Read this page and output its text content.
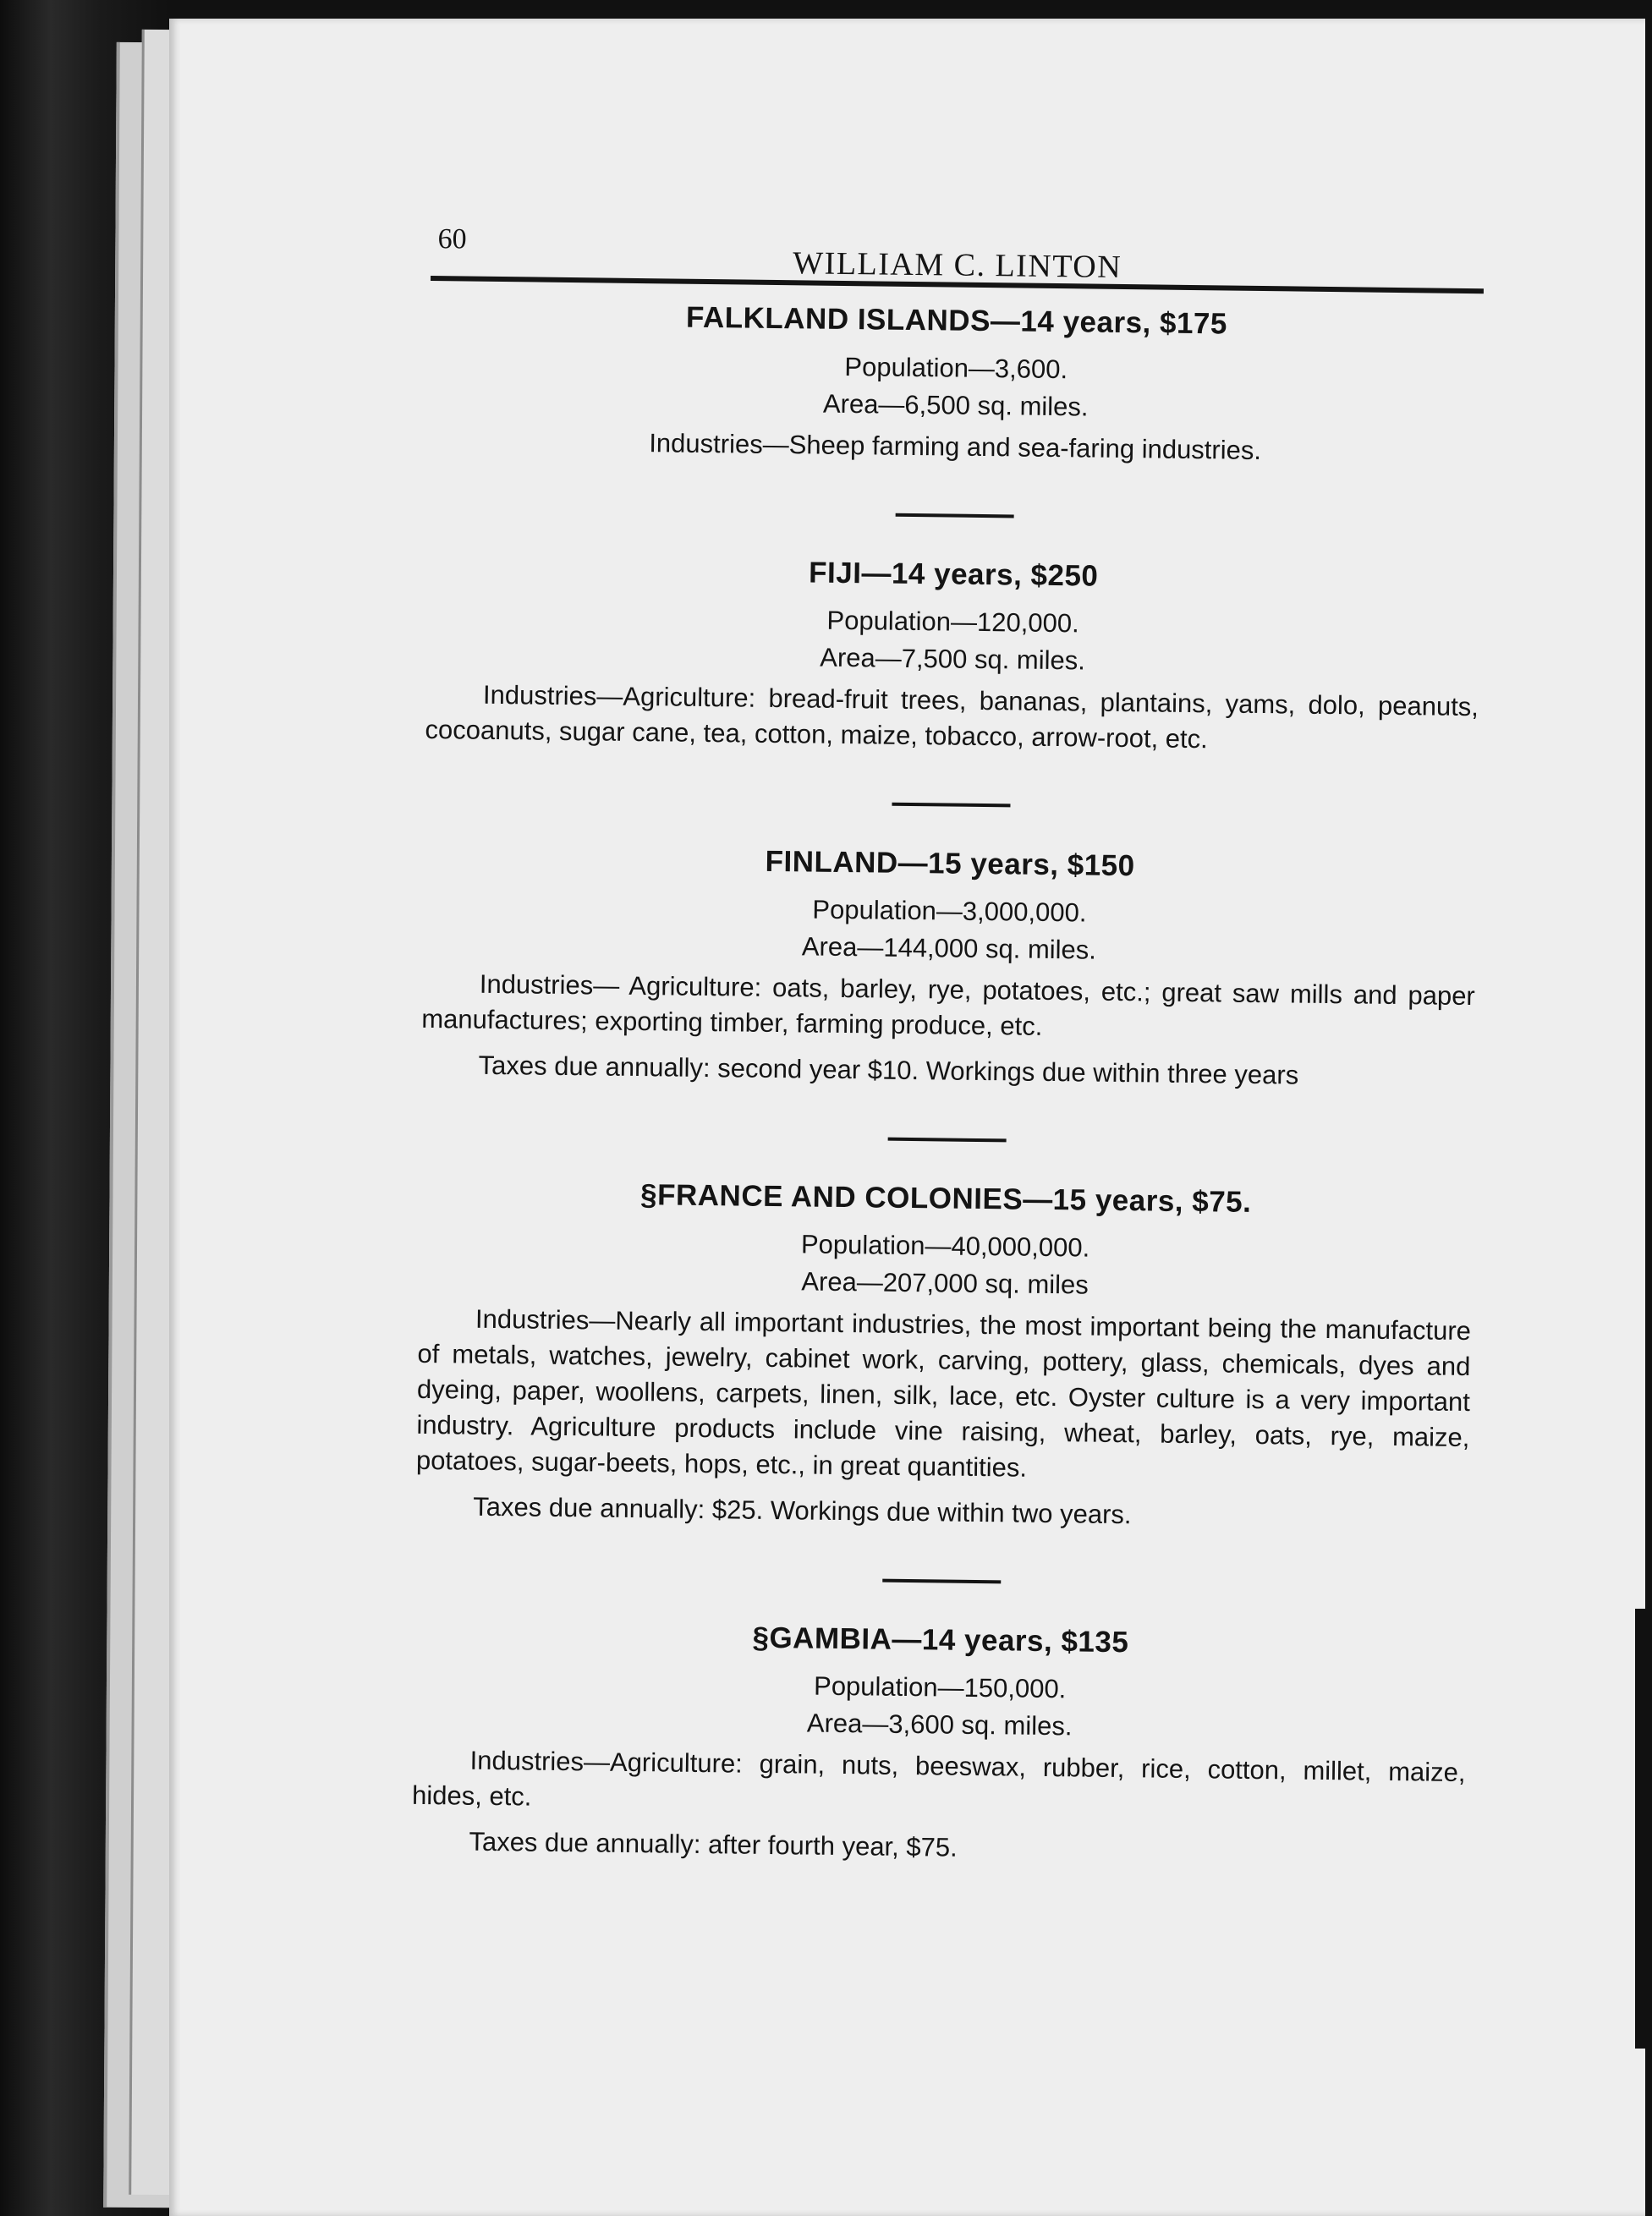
60
WILLIAM C. LINTON
FALKLAND ISLANDS—14 years, $175
Population—3,600.
Area—6,500 sq. miles.

Industries—Sheep farming and sea-faring industries.

FIJI—14 years, $250
Population—120,000.
Area—7,500 sq. miles.

Industries—Agriculture: bread-fruit trees, bananas, plantains, yams, dolo, peanuts, cocoanuts, sugar cane, tea, cotton, maize, tobacco, arrow-root, etc.

FINLAND—15 years, $150
Population—3,000,000.
Area—144,000 sq. miles.

Industries— Agriculture: oats, barley, rye, potatoes, etc.; great saw mills and paper manufactures; exporting timber, farming produce, etc.

Taxes due annually: second year $10. Workings due within three years

§FRANCE AND COLONIES—15 years, $75.
Population—40,000,000.
Area—207,000 sq. miles

Industries—Nearly all important industries, the most important being the manufacture of metals, watches, jewelry, cabinet work, carving, pottery, glass, chemicals, dyes and dyeing, paper, woollens, carpets, linen, silk, lace, etc. Oyster culture is a very important industry. Agriculture products include vine raising, wheat, barley, oats, rye, maize, potatoes, sugar-beets, hops, etc., in great quantities.

Taxes due annually: $25. Workings due within two years.

§GAMBIA—14 years, $135
Population—150,000.
Area—3,600 sq. miles.

Industries—Agriculture: grain, nuts, beeswax, rubber, rice, cotton, millet, maize, hides, etc.

Taxes due annually: after fourth year, $75.
